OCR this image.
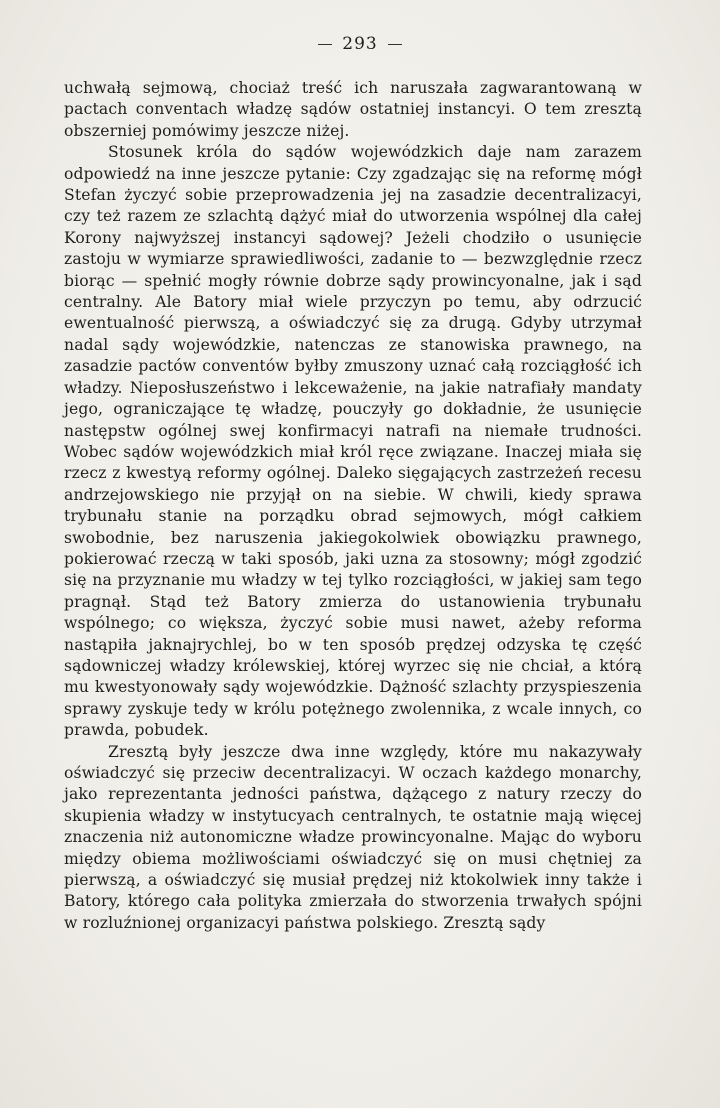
293

uchwałą sejmową, chociaż treść ich naruszała zagwarantowaną w pactach conventach władzę sądów ostatniej instancyi. O tem zresztą obszerniej pomówimy jeszcze niżej.

Stosunek króla do sądów wojewódzkich daje nam zarazem odpowiedź na inne jeszcze pytanie: Czy zgadzając się na reformę mógł Stefan życzyć sobie przeprowadzenia jej na zasadzie decentralizacyi, czy też razem ze szlachtą dążyć miał do utworzenia wspólnej dla całej Korony najwyższej instancyi sądowej? Jeżeli chodziło o usunięcie zastoju w wymiarze sprawiedliwości, zadanie to — bezwzględnie rzecz biorąc — spełnić mogły równie dobrze sądy prowincyonalne, jak i sąd centralny. Ale Batory miał wiele przyczyn po temu, aby odrzucić ewentualność pierwszą, a oświadczyć się za drugą. Gdyby utrzymał nadal sądy wojewódzkie, natenczas ze stanowiska prawnego, na zasadzie pactów conventów byłby zmuszony uznać całą rozciągłość ich władzy. Nieposłuszeństwo i lekceważenie, na jakie natrafiały mandaty jego, ograniczające tę władzę, pouczyły go dokładnie, że usunięcie następstw ogólnej swej konfirmacyi natrafi na niemałe trudności. Wobec sądów wojewódzkich miał król ręce związane. Inaczej miała się rzecz z kwestyą reformy ogólnej. Daleko sięgających zastrzeżeń recesu andrzejowskiego nie przyjął on na siebie. W chwili, kiedy sprawa trybunału stanie na porządku obrad sejmowych, mógł całkiem swobodnie, bez naruszenia jakiegokolwiek obowiązku prawnego, pokierować rzeczą w taki sposób, jaki uzna za stosowny; mógł zgodzić się na przyznanie mu władzy w tej tylko rozciągłości, w jakiej sam tego pragnął. Stąd też Batory zmierza do ustanowienia trybunału wspólnego; co większa, życzyć sobie musi nawet, ażeby reforma nastąpiła jaknajrychlej, bo w ten sposób prędzej odzyska tę część sądowniczej władzy królewskiej, której wyrzec się nie chciał, a którą mu kwestyonowały sądy wojewódzkie. Dążność szlachty przyspieszenia sprawy zyskuje tedy w królu potężnego zwolennika, z wcale innych, co prawda, pobudek.

Zresztą były jeszcze dwa inne względy, które mu nakazywały oświadczyć się przeciw decentralizacyi. W oczach każdego monarchy, jako reprezentanta jedności państwa, dążącego z natury rzeczy do skupienia władzy w instytucyach centralnych, te ostatnie mają więcej znaczenia niż autonomiczne władze prowincyonalne. Mając do wyboru między obiema możliwościami oświadczyć się on musi chętniej za pierwszą, a oświadczyć się musiał prędzej niż ktokolwiek inny także i Batory, którego cała polityka zmierzała do stworzenia trwałych spójni w rozluźnionej organizacyi państwa polskiego. Zresztą sądy
